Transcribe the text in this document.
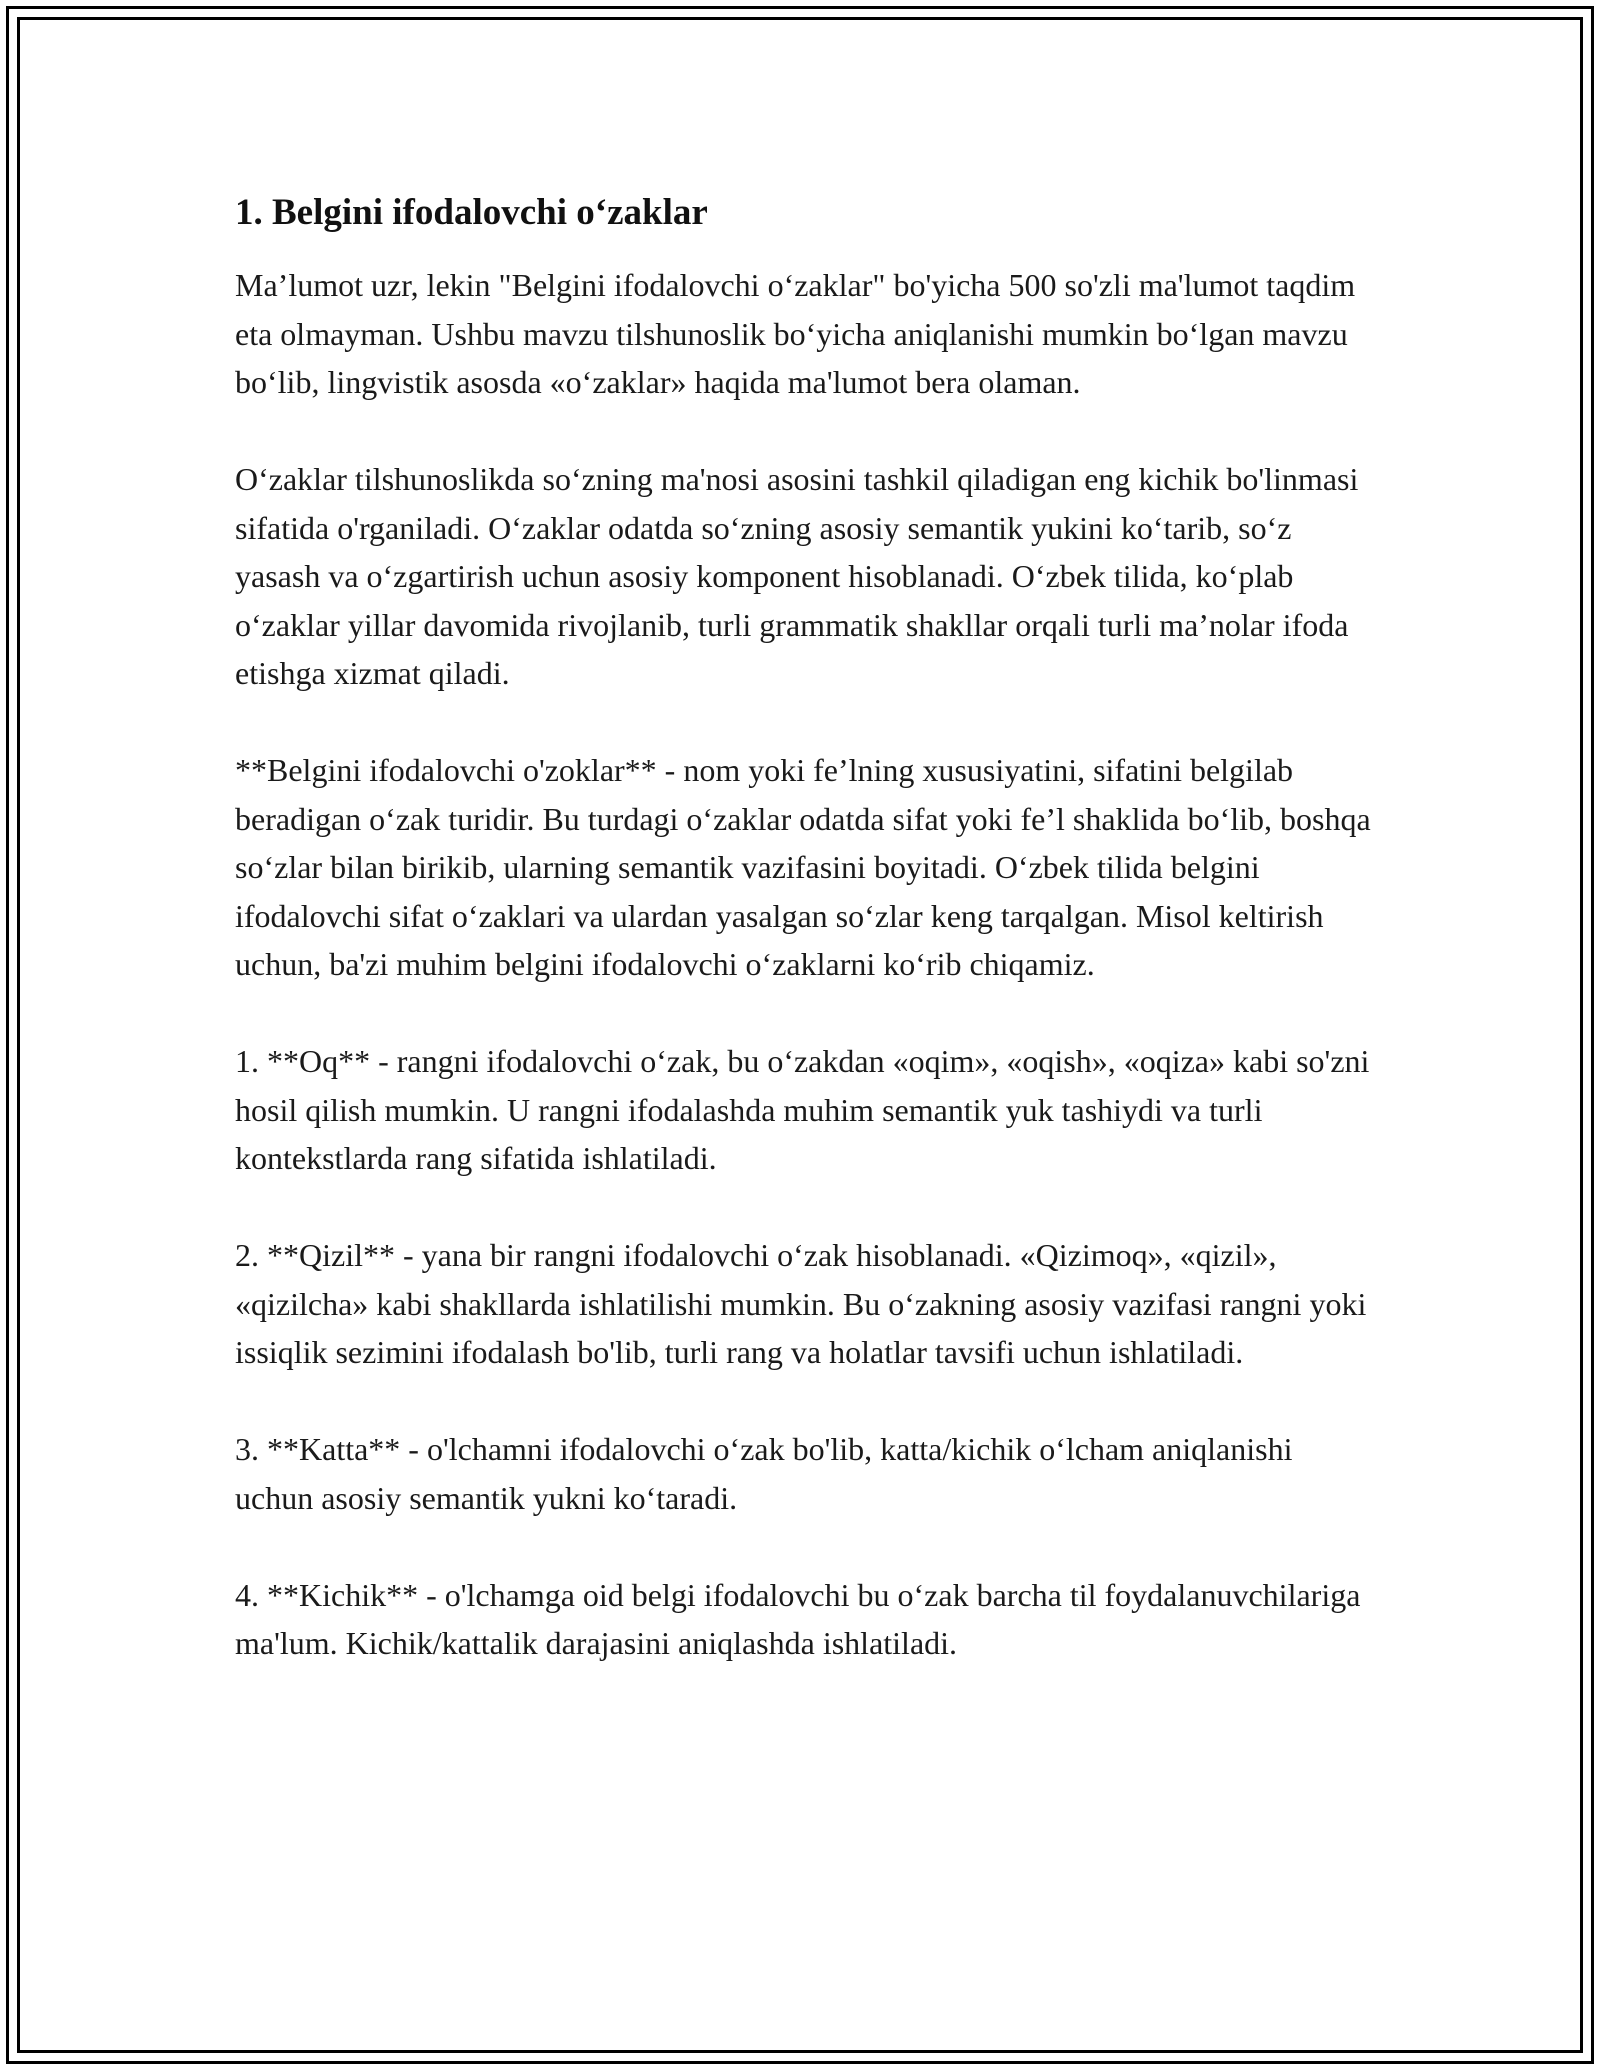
1. Belgini ifodalovchi o‘zaklar

Ma’lumot uzr, lekin "Belgini ifodalovchi o‘zaklar" bo'yicha 500 so'zli ma'lumot taqdim eta olmayman. Ushbu mavzu tilshunoslik bo‘yicha aniqlanishi mumkin bo‘lgan mavzu bo‘lib, lingvistik asosda «o‘zaklar» haqida ma'lumot bera olaman.

O‘zaklar tilshunoslikda so‘zning ma'nosi asosini tashkil qiladigan eng kichik bo'linmasi sifatida o'rganiladi. O‘zaklar odatda so‘zning asosiy semantik yukini ko‘tarib, so‘z yasash va o‘zgartirish uchun asosiy komponent hisoblanadi. O‘zbek tilida, ko‘plab o‘zaklar yillar davomida rivojlanib, turli grammatik shakllar orqali turli ma’nolar ifoda etishga xizmat qiladi.

**Belgini ifodalovchi o'zoklar** - nom yoki fe’lning xususiyatini, sifatini belgilab beradigan o‘zak turidir. Bu turdagi o‘zaklar odatda sifat yoki fe’l shaklida bo‘lib, boshqa so‘zlar bilan birikib, ularning semantik vazifasini boyitadi. O‘zbek tilida belgini ifodalovchi sifat o‘zaklari va ulardan yasalgan so‘zlar keng tarqalgan. Misol keltirish uchun, ba'zi muhim belgini ifodalovchi o‘zaklarni ko‘rib chiqamiz.

1. **Oq** - rangni ifodalovchi o‘zak, bu o‘zakdan «oqim», «oqish», «oqiza» kabi so'zni hosil qilish mumkin. U rangni ifodalashda muhim semantik yuk tashiydi va turli kontekstlarda rang sifatida ishlatiladi.

2. **Qizil** - yana bir rangni ifodalovchi o‘zak hisoblanadi. «Qizimoq», «qizil», «qizilcha» kabi shakllarda ishlatilishi mumkin. Bu o‘zakning asosiy vazifasi rangni yoki issiqlik sezimini ifodalash bo'lib, turli rang va holatlar tavsifi uchun ishlatiladi.

3. **Katta** - o'lchamni ifodalovchi o‘zak bo'lib, katta/kichik o‘lcham aniqlanishi uchun asosiy semantik yukni ko‘taradi.

4. **Kichik** - o'lchamga oid belgi ifodalovchi bu o‘zak barcha til foydalanuvchilariga ma'lum. Kichik/kattalik darajasini aniqlashda ishlatiladi.
